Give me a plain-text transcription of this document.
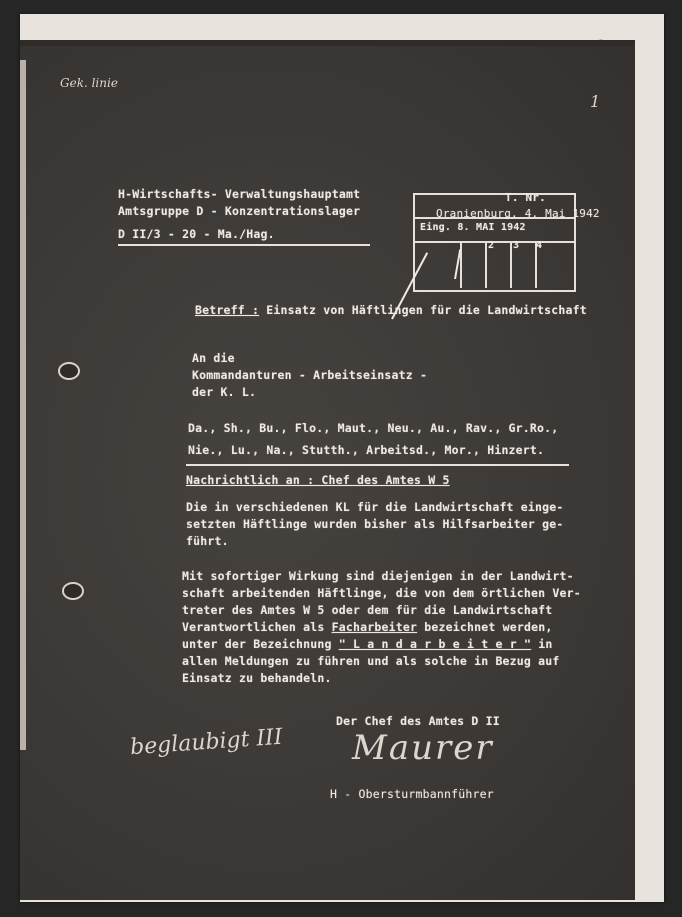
Gek. linie
1
H-Wirtschafts- Verwaltungshauptamt
Amtsgruppe D - Konzentrationslager
D II/3 - 20 - Ma./Hag.
T. Nr.
Oranienburg, 4. Mai 1942
Eing. 8. MAI 1942
2 3 4
Betreff : Einsatz von Häftlingen für die Landwirtschaft
An die
Kommandanturen - Arbeitseinsatz -
der K. L.
Da., Sh., Bu., Flo., Maut., Neu., Au., Rav., Gr.Ro.,
Nie., Lu., Na., Stutth., Arbeitsd., Mor., Hinzert.
Nachrichtlich an : Chef des Amtes W 5
Die in verschiedenen KL für die Landwirtschaft einge-
setzten Häftlinge wurden bisher als Hilfsarbeiter ge-
führt.
Mit sofortiger Wirkung sind diejenigen in der Landwirt-
schaft arbeitenden Häftlinge, die von dem örtlichen Ver-
treter des Amtes W 5 oder dem für die Landwirtschaft
Verantwortlichen als Facharbeiter bezeichnet werden,
unter der Bezeichnung " L a n d a r b e i t e r " in
allen Meldungen zu führen und als solche in Bezug auf
Einsatz zu behandeln.
Der Chef des Amtes D II
Maurer
H - Obersturmbannführer
beglaubigt III
